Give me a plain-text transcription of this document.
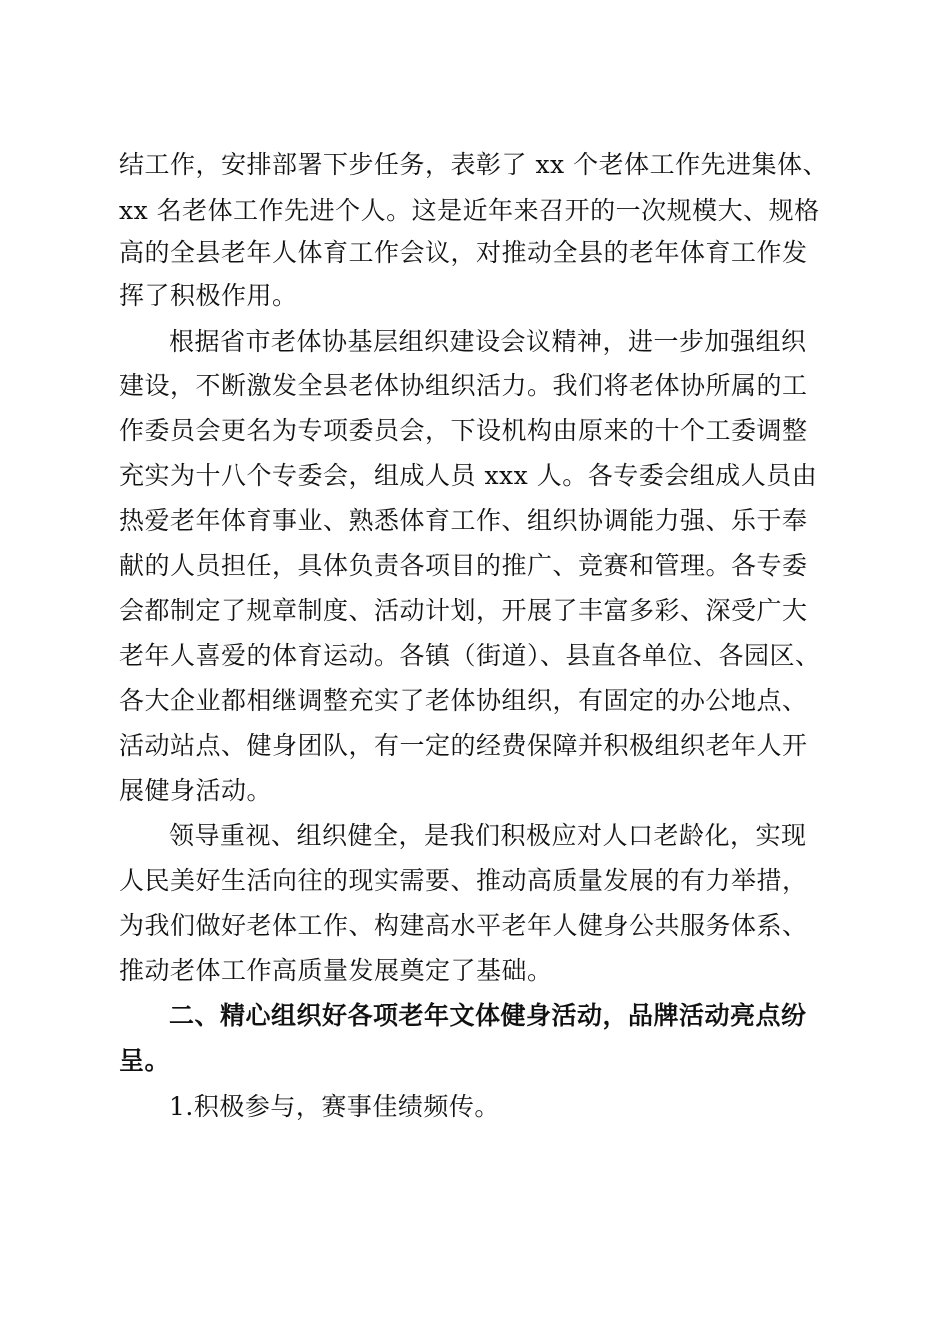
结工作，安排部署下步任务，表彰了 xx 个老体工作先进集体、
xx 名老体工作先进个人。这是近年来召开的一次规模大、规格
高的全县老年人体育工作会议，对推动全县的老年体育工作发
挥了积极作用。
根据省市老体协基层组织建设会议精神，进一步加强组织
建设，不断激发全县老体协组织活力。我们将老体协所属的工
作委员会更名为专项委员会，下设机构由原来的十个工委调整
充实为十八个专委会，组成人员 xxx 人。各专委会组成人员由
热爱老年体育事业、熟悉体育工作、组织协调能力强、乐于奉
献的人员担任，具体负责各项目的推广、竞赛和管理。各专委
会都制定了规章制度、活动计划，开展了丰富多彩、深受广大
老年人喜爱的体育运动。各镇（街道）、县直各单位、各园区、
各大企业都相继调整充实了老体协组织，有固定的办公地点、
活动站点、健身团队，有一定的经费保障并积极组织老年人开
展健身活动。
领导重视、组织健全，是我们积极应对人口老龄化，实现
人民美好生活向往的现实需要、推动高质量发展的有力举措，
为我们做好老体工作、构建高水平老年人健身公共服务体系、
推动老体工作高质量发展奠定了基础。
二、精心组织好各项老年文体健身活动，品牌活动亮点纷
呈。
1.积极参与，赛事佳绩频传。
